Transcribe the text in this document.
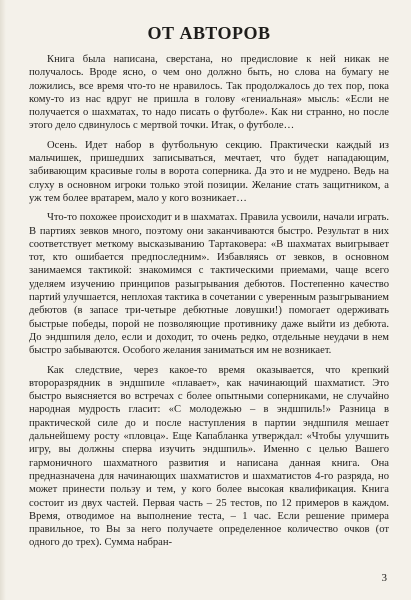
ОТ АВТОРОВ

Книга была написана, сверстана, но предисловие к ней никак не получалось. Вроде ясно, о чем оно должно быть, но слова на бумагу не ложились, все время что-то не нравилось. Так продолжалось до тех пор, пока кому-то из нас вдруг не пришла в голову «гениальная» мысль: «Если не получается о шахматах, то надо писать о футболе». Как ни странно, но после этого дело сдвинулось с мертвой точки. Итак, о футболе…

Осень. Идет набор в футбольную секцию. Практически каждый из мальчишек, пришедших записываться, мечтает, что будет нападающим, забивающим красивые голы в ворота соперника. Да это и не мудрено. Ведь на слуху в основном игроки только этой позиции. Желание стать защитником, а уж тем более вратарем, мало у кого возникает…

Что-то похожее происходит и в шахматах. Правила усвоили, начали играть. В партиях зевков много, поэтому они заканчиваются быстро. Результат в них соответствует меткому высказыванию Тартаковера: «В шахматах выигрывает тот, кто ошибается предпоследним». Избавляясь от зевков, в основном занимаемся тактикой: знакомимся с тактическими приемами, чаще всего уделяем изучению принципов разыгрывания дебютов. Постепенно качество партий улучшается, неплохая тактика в сочетании с уверенным разыгрыванием дебютов (в запасе три-четыре дебютные ловушки!) помогает одерживать быстрые победы, порой не позволяющие противнику даже выйти из дебюта. До эндшпиля дело, если и доходит, то очень редко, отдельные неудачи в нем быстро забываются. Особого желания заниматься им не возникает.

Как следствие, через какое-то время оказывается, что крепкий второразрядник в эндшпиле «плавает», как начинающий шахматист. Это быстро выясняется во встречах с более опытными соперниками, не случайно народная мудрость гласит: «С молодежью – в эндшпиль!» Разница в практической силе до и после наступления в партии эндшпиля мешает дальнейшему росту «пловца». Еще Капабланка утверждал: «Чтобы улучшить игру, вы должны сперва изучить эндшпиль». Именно с целью Вашего гармоничного шахматного развития и написана данная книга. Она предназначена для начинающих шахматистов и шахматистов 4-го разряда, но может принести пользу и тем, у кого более высокая квалификация. Книга состоит из двух частей. Первая часть – 25 тестов, по 12 примеров в каждом. Время, отводимое на выполнение теста, – 1 час. Если решение примера правильное, то Вы за него получаете определенное количество очков (от одного до трех). Сумма набран-

3
